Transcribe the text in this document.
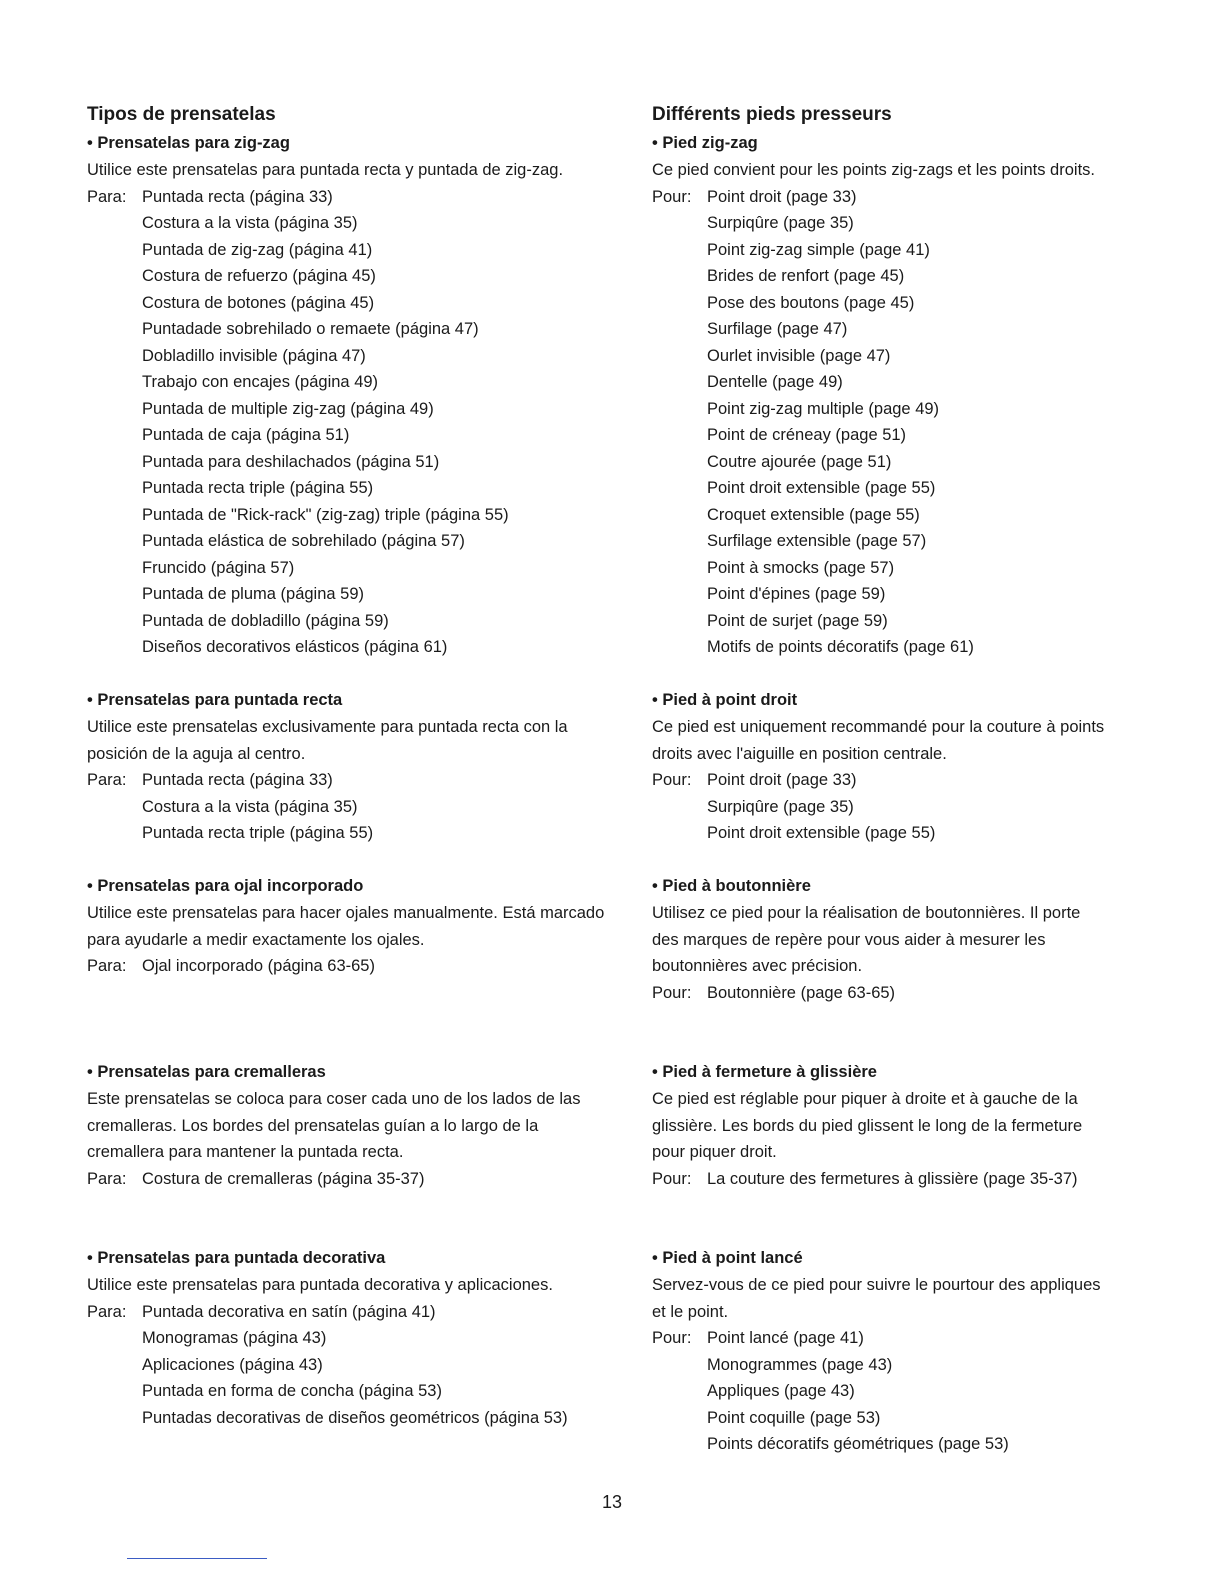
Tipos de prensatelas
• Prensatelas para zig-zag
Utilice este prensatelas para puntada recta y puntada de zig-zag.
Para: Puntada recta (página 33)
Costura a la vista (página 35)
Puntada de zig-zag (página 41)
Costura de refuerzo (página 45)
Costura de botones (página 45)
Puntadade sobrehilado o remaete (página 47)
Dobladillo invisible (página 47)
Trabajo con encajes (página 49)
Puntada de multiple zig-zag (página 49)
Puntada de caja (página 51)
Puntada para deshilachados (página 51)
Puntada recta triple (página 55)
Puntada de "Rick-rack" (zig-zag) triple (página 55)
Puntada elástica de sobrehilado (página 57)
Fruncido (página 57)
Puntada de pluma (página 59)
Puntada de dobladillo (página 59)
Diseños decorativos elásticos (página 61)
• Prensatelas para puntada recta
Utilice este prensatelas exclusivamente para puntada recta con la
posición de la aguja al centro.
Para: Puntada recta (página 33)
Costura a la vista (página 35)
Puntada recta triple (página 55)
• Prensatelas para ojal incorporado
Utilice este prensatelas para hacer ojales manualmente. Está marcado
para ayudarle a medir exactamente los ojales.
Para: Ojal incorporado (página 63-65)
• Prensatelas para cremalleras
Este prensatelas se coloca para coser cada uno de los lados de las
cremalleras. Los bordes del prensatelas guían a lo largo de la
cremallera para mantener la puntada recta.
Para: Costura de cremalleras (página 35-37)
• Prensatelas para puntada decorativa
Utilice este prensatelas para puntada decorativa y aplicaciones.
Para: Puntada decorativa en satín (página 41)
Monogramas (página 43)
Aplicaciones (página 43)
Puntada en forma de concha (página 53)
Puntadas decorativas de diseños geométricos (página 53)
Différents pieds presseurs
• Pied zig-zag
Ce pied convient pour les points zig-zags et les points droits.
Pour: Point droit (page 33)
Surpiqûre (page 35)
Point zig-zag simple (page 41)
Brides de renfort (page 45)
Pose des boutons (page 45)
Surfilage (page 47)
Ourlet invisible (page 47)
Dentelle (page 49)
Point zig-zag multiple (page 49)
Point de créneay (page 51)
Coutre ajourée (page 51)
Point droit extensible (page 55)
Croquet extensible (page 55)
Surfilage extensible (page 57)
Point à smocks (page 57)
Point d'épines (page 59)
Point de surjet (page 59)
Motifs de points décoratifs (page 61)
• Pied à point droit
Ce pied est uniquement recommandé pour la couture à points
droits avec l'aiguille en position centrale.
Pour: Point droit (page 33)
Surpiqûre (page 35)
Point droit extensible (page 55)
• Pied à boutonnière
Utilisez ce pied pour la réalisation de boutonnières. Il porte
des marques de repère pour vous aider à mesurer les
boutonnières avec précision.
Pour: Boutonnière (page 63-65)
• Pied à fermeture à glissière
Ce pied est réglable pour piquer à droite et à gauche de la
glissière. Les bords du pied glissent le long de la fermeture
pour piquer droit.
Pour: La couture des fermetures à glissière (page 35-37)
• Pied à point lancé
Servez-vous de ce pied pour suivre le pourtour des appliques
et le point.
Pour: Point lancé (page 41)
Monogrammes (page 43)
Appliques (page 43)
Point coquille (page 53)
Points décoratifs géométriques (page 53)
13
